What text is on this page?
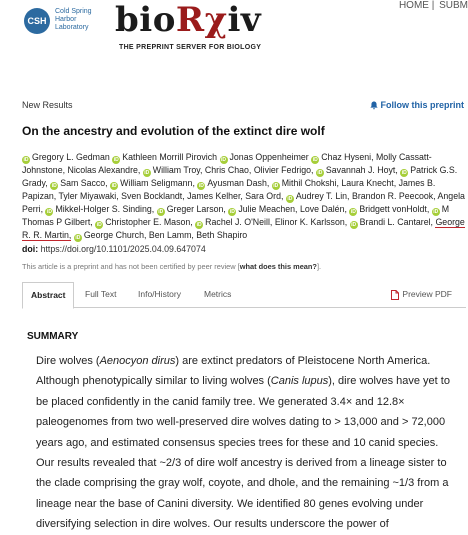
HOME | SUBM
CSH
Cold Spring Harbor Laboratory bioRχiv
THE PREPRINT SERVER FOR BIOLOGY
New Results	Follow this preprint
On the ancestry and evolution of the extinct dire wolf
iD Gregory L. Gedman iD Kathleen Morrill Pirovich iD Jonas Oppenheimer iD Chaz Hyseni, Molly Cassatt-Johnstone, Nicolas Alexandre, iD William Troy, Chris Chao, Olivier Fedrigo, iD Savannah J. Hoyt, iD Patrick G.S. Grady, iD Sam Sacco, iD William Seligmann, iD Ayusman Dash, iD Mithil Chokshi, Laura Knecht, James B. Papizan, Tyler Miyawaki, Sven Bocklandt, James Kelher, Sara Ord, iD Audrey T. Lin, Brandon R. Peecook, Angela Perri, iD Mikkel-Holger S. Sinding, iD Greger Larson, iD Julie Meachen, Love Dalén, iD Bridgett vonHoldt, iD M Thomas P Gilbert, iD Christopher E. Mason, iD Rachel J. O'Neill, Elinor K. Karlsson, iD Brandi L. Cantarel, George R. R. Martin, iD George Church, Ben Lamm, Beth Shapiro
doi: https://doi.org/10.1101/2025.04.09.647074
This article is a preprint and has not been certified by peer review [what does this mean?].
Abstract	Full Text	Info/History	Metrics	Preview PDF
SUMMARY
Dire wolves (Aenocyon dirus) are extinct predators of Pleistocene North America. Although phenotypically similar to living wolves (Canis lupus), dire wolves have yet to be placed confidently in the canid family tree. We generated 3.4× and 12.8× paleogenomes from two well-preserved dire wolves dating to > 13,000 and > 72,000 years ago, and estimated consensus species trees for these and 10 canid species. Our results revealed that ~2/3 of dire wolf ancestry is derived from a lineage sister to the clade comprising the gray wolf, coyote, and dhole, and the remaining ~1/3 from a lineage near the base of Canini diversity. We identified 80 genes evolving under diversifying selection in dire wolves. Our results underscore the power of
